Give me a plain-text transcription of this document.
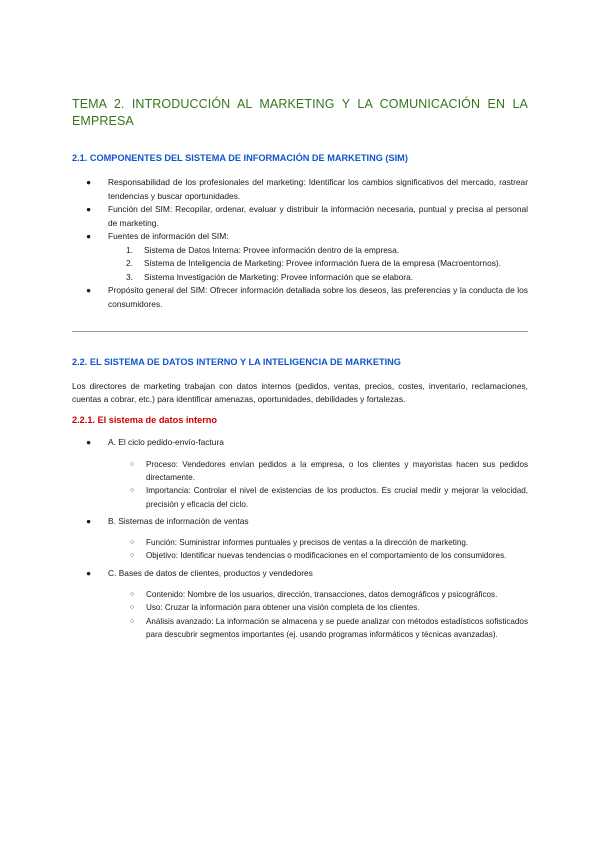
TEMA 2. INTRODUCCIÓN AL MARKETING Y LA COMUNICACIÓN EN LA EMPRESA
2.1. COMPONENTES DEL SISTEMA DE INFORMACIÓN DE MARKETING (SIM)
● Responsabilidad de los profesionales del marketing: Identificar los cambios significativos del mercado, rastrear tendencias y buscar oportunidades.
● Función del SIM: Recopilar, ordenar, evaluar y distribuir la información necesaria, puntual y precisa al personal de marketing.
● Fuentes de información del SIM:
1. Sistema de Datos Interna: Provee información dentro de la empresa.
2. Sistema de Inteligencia de Marketing: Provee información fuera de la empresa (Macroentornos).
3. Sistema Investigación de Marketing: Provee información que se elabora.
● Propósito general del SIM: Ofrecer información detallada sobre los deseos, las preferencias y la conducta de los consumidores.
2.2. EL SISTEMA DE DATOS INTERNO Y LA INTELIGENCIA DE MARKETING

Los directores de marketing trabajan con datos internos (pedidos, ventas, precios, costes, inventario, reclamaciones, cuentas a cobrar, etc.) para identificar amenazas, oportunidades, debilidades y fortalezas.

2.2.1. El sistema de datos interno
● A. El ciclo pedido-envío-factura
○ Proceso: Vendedores envían pedidos a la empresa, o los clientes y mayoristas hacen sus pedidos directamente.
○ Importancia: Controlar el nivel de existencias de los productos. Es crucial medir y mejorar la velocidad, precisión y eficacia del ciclo.
● B. Sistemas de información de ventas
○ Función: Suministrar informes puntuales y precisos de ventas a la dirección de marketing.
○ Objetivo: Identificar nuevas tendencias o modificaciones en el comportamiento de los consumidores.
● C. Bases de datos de clientes, productos y vendedores
○ Contenido: Nombre de los usuarios, dirección, transacciones, datos demográficos y psicográficos.
○ Uso: Cruzar la información para obtener una visión completa de los clientes.
○ Análisis avanzado: La información se almacena y se puede analizar con métodos estadísticos sofisticados para descubrir segmentos importantes (ej. usando programas informáticos y técnicas avanzadas).
